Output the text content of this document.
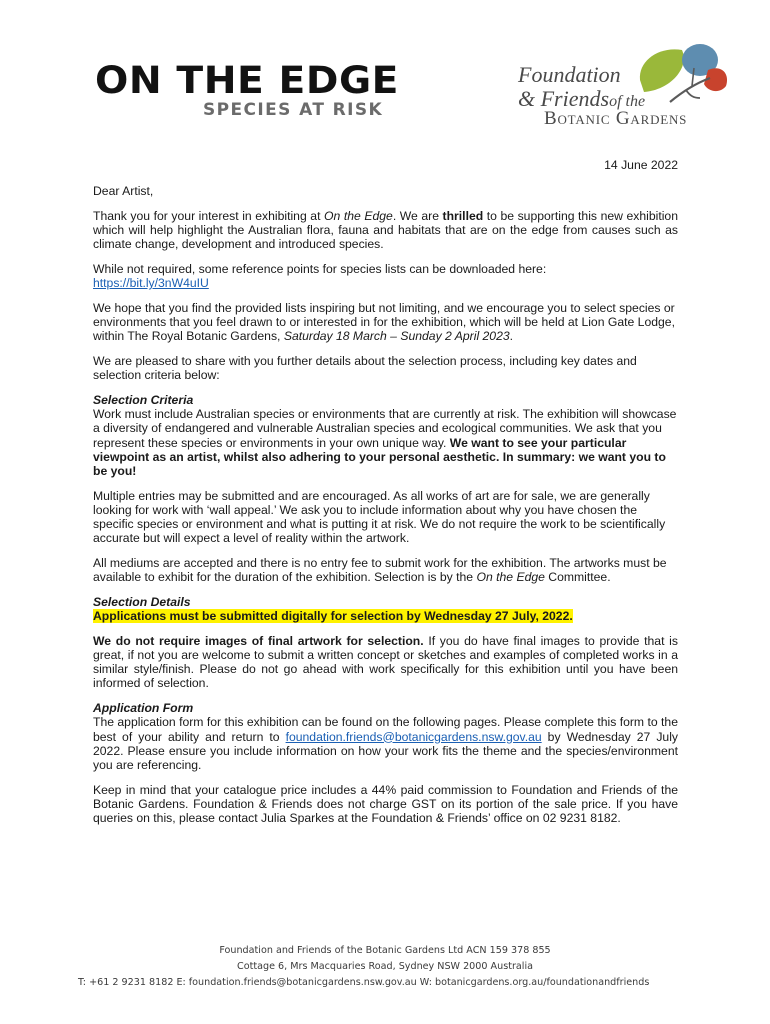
ON THE EDGE
SPECIES AT RISK
Foundation
& Friendsof the
Botanic Gardens

14 June 2022

Dear Artist,

Thank you for your interest in exhibiting at On the Edge. We are thrilled to be supporting this new exhibition which will help highlight the Australian flora, fauna and habitats that are on the edge from causes such as climate change, development and introduced species.

While not required, some reference points for species lists can be downloaded here:
https://bit.ly/3nW4uIU

We hope that you find the provided lists inspiring but not limiting, and we encourage you to select species or environments that you feel drawn to or interested in for the exhibition, which will be held at Lion Gate Lodge, within The Royal Botanic Gardens, Saturday 18 March – Sunday 2 April 2023.

We are pleased to share with you further details about the selection process, including key dates and selection criteria below:

Selection Criteria
Work must include Australian species or environments that are currently at risk. The exhibition will showcase a diversity of endangered and vulnerable Australian species and ecological communities. We ask that you represent these species or environments in your own unique way. We want to see your particular viewpoint as an artist, whilst also adhering to your personal aesthetic. In summary: we want you to be you!

Multiple entries may be submitted and are encouraged. As all works of art are for sale, we are generally looking for work with ‘wall appeal.’ We ask you to include information about why you have chosen the specific species or environment and what is putting it at risk. We do not require the work to be scientifically accurate but will expect a level of reality within the artwork.

All mediums are accepted and there is no entry fee to submit work for the exhibition. The artworks must be available to exhibit for the duration of the exhibition. Selection is by the On the Edge Committee.

Selection Details
Applications must be submitted digitally for selection by Wednesday 27 July, 2022.

We do not require images of final artwork for selection. If you do have final images to provide that is great, if not you are welcome to submit a written concept or sketches and examples of completed works in a similar style/finish. Please do not go ahead with work specifically for this exhibition until you have been informed of selection.

Application Form
The application form for this exhibition can be found on the following pages. Please complete this form to the best of your ability and return to foundation.friends@botanicgardens.nsw.gov.au by Wednesday 27 July 2022. Please ensure you include information on how your work fits the theme and the species/environment you are referencing.

Keep in mind that your catalogue price includes a 44% paid commission to Foundation and Friends of the Botanic Gardens. Foundation & Friends does not charge GST on its portion of the sale price. If you have queries on this, please contact Julia Sparkes at the Foundation & Friends’ office on 02 9231 8182.

Foundation and Friends of the Botanic Gardens Ltd ACN 159 378 855
Cottage 6, Mrs Macquaries Road, Sydney NSW 2000 Australia
T: +61 2 9231 8182 E: foundation.friends@botanicgardens.nsw.gov.au W: botanicgardens.org.au/foundationandfriends
